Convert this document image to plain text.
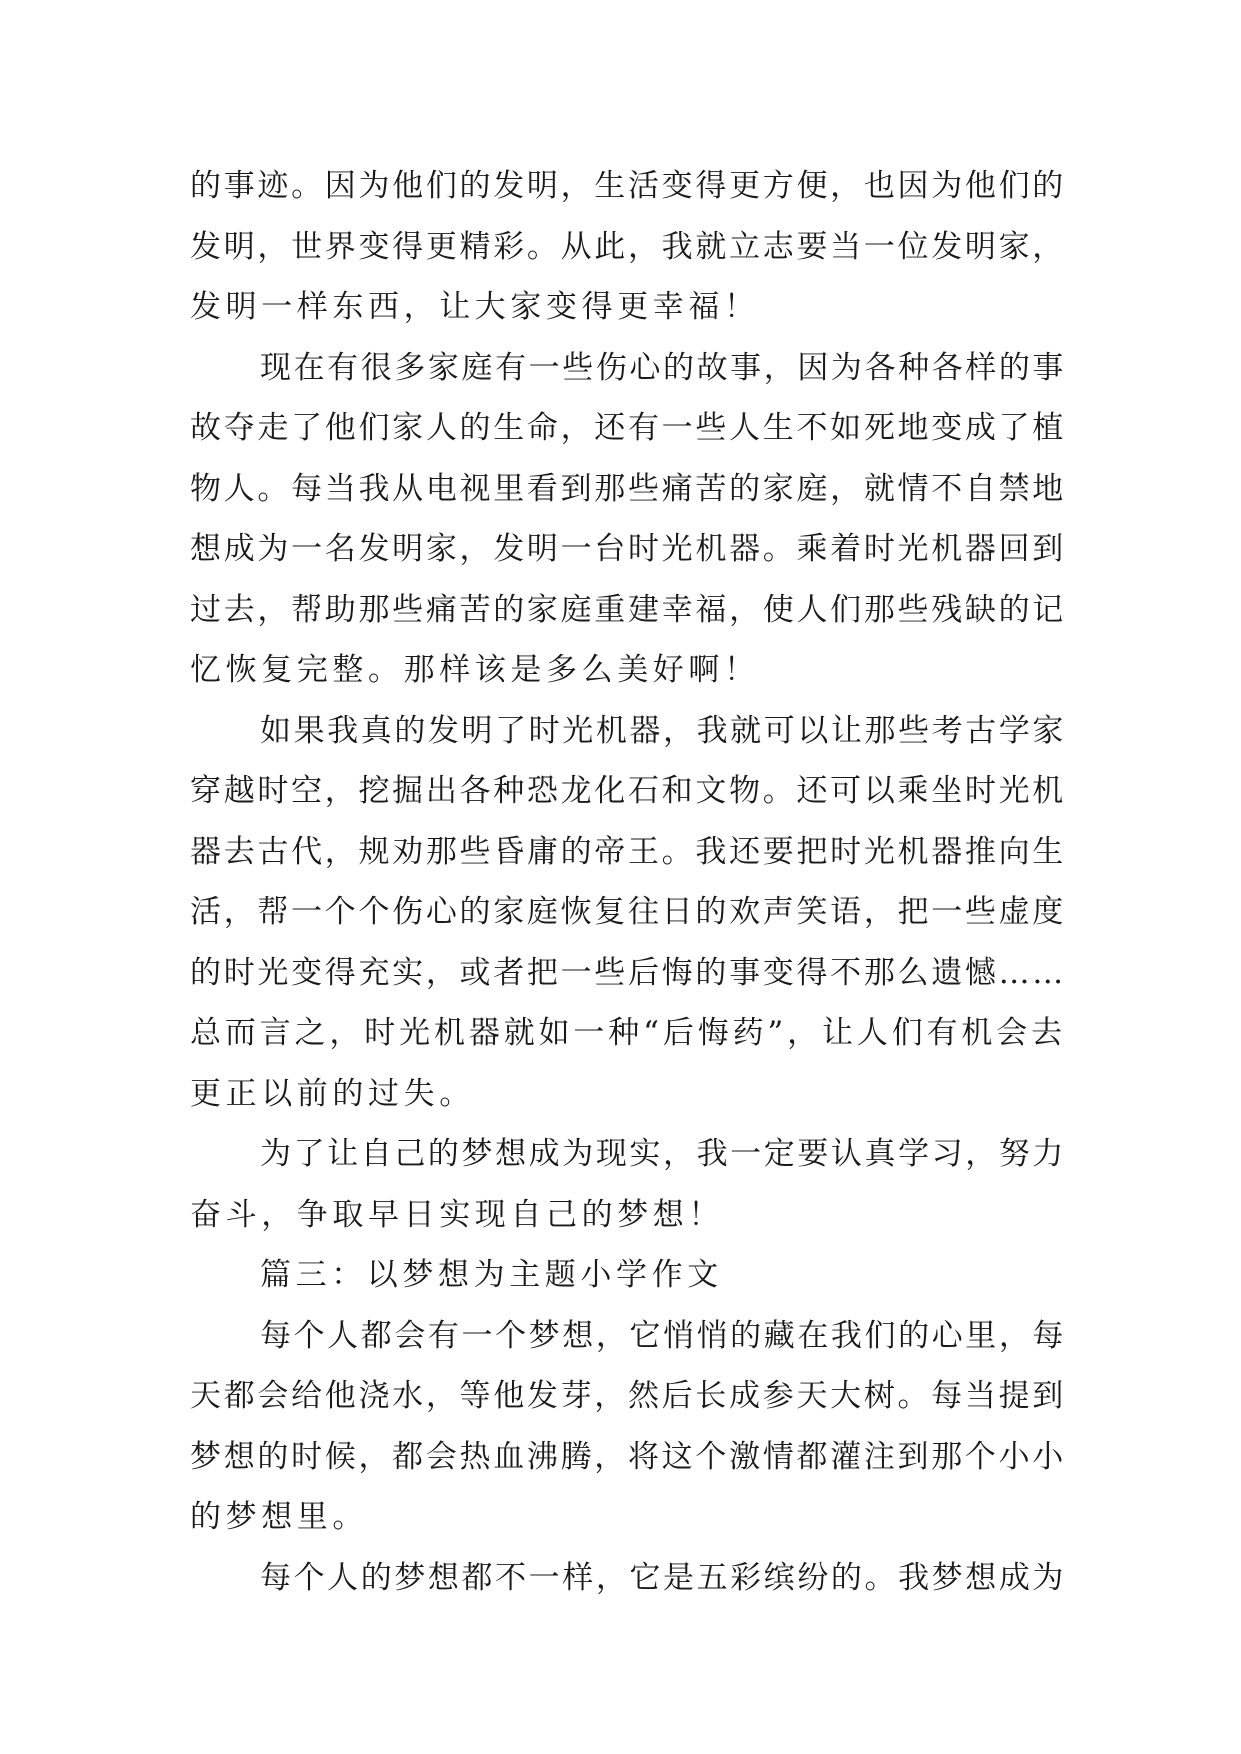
的事迹。因为他们的发明，生活变得更方便，也因为他们的
发明，世界变得更精彩。从此，我就立志要当一位发明家，
发明一样东西，让大家变得更幸福！
现在有很多家庭有一些伤心的故事，因为各种各样的事
故夺走了他们家人的生命，还有一些人生不如死地变成了植
物人。每当我从电视里看到那些痛苦的家庭，就情不自禁地
想成为一名发明家，发明一台时光机器。乘着时光机器回到
过去，帮助那些痛苦的家庭重建幸福，使人们那些残缺的记
忆恢复完整。那样该是多么美好啊！
如果我真的发明了时光机器，我就可以让那些考古学家
穿越时空，挖掘出各种恐龙化石和文物。还可以乘坐时光机
器去古代，规劝那些昏庸的帝王。我还要把时光机器推向生
活，帮一个个伤心的家庭恢复往日的欢声笑语，把一些虚度
的时光变得充实，或者把一些后悔的事变得不那么遗憾……
总而言之，时光机器就如一种“后悔药”，让人们有机会去
更正以前的过失。
为了让自己的梦想成为现实，我一定要认真学习，努力
奋斗，争取早日实现自己的梦想！
篇三：以梦想为主题小学作文
每个人都会有一个梦想，它悄悄的藏在我们的心里，每
天都会给他浇水，等他发芽，然后长成参天大树。每当提到
梦想的时候，都会热血沸腾，将这个激情都灌注到那个小小
的梦想里。
每个人的梦想都不一样，它是五彩缤纷的。我梦想成为
